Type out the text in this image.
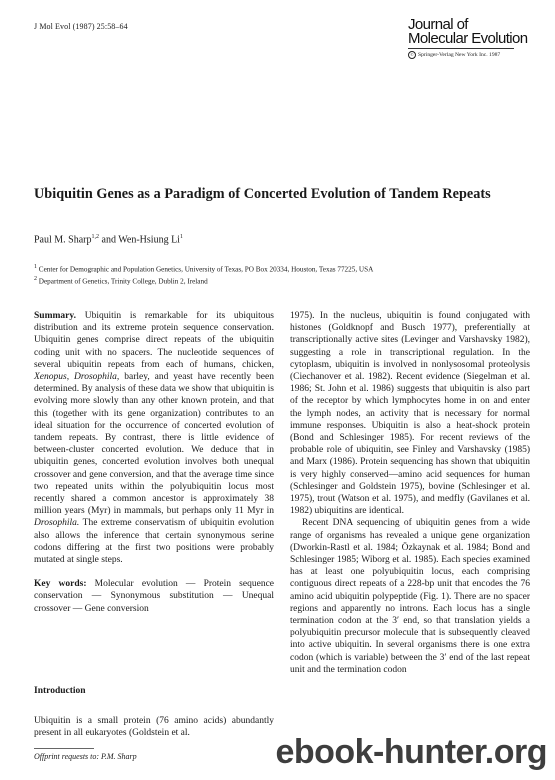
J Mol Evol (1987) 25:58–64	Journal of
Molecular Evolution
© Springer-Verlag New York Inc. 1987
Ubiquitin Genes as a Paradigm of Concerted Evolution of Tandem Repeats
Paul M. Sharp$^{1,2}$ and Wen-Hsiung Li$^1$
$^1$ Center for Demographic and Population Genetics, University of Texas, PO Box 20334, Houston, Texas 77225, USA
$^2$ Department of Genetics, Trinity College, Dublin 2, Ireland

Summary. Ubiquitin is remarkable for its ubiquitous distribution and its extreme protein sequence conservation. Ubiquitin genes comprise direct repeats of the ubiquitin coding unit with no spacers. The nucleotide sequences of several ubiquitin repeats from each of humans, chicken, Xenopus, Drosophila, barley, and yeast have recently been determined. By analysis of these data we show that ubiquitin is evolving more slowly than any other known protein, and that this (together with its gene organization) contributes to an ideal situation for the occurrence of concerted evolution of tandem repeats. By contrast, there is little evidence of between-cluster concerted evolution. We deduce that in ubiquitin genes, concerted evolution involves both unequal crossover and gene conversion, and that the average time since two repeated units within the polyubiquitin locus most recently shared a common ancestor is approximately 38 million years (Myr) in mammals, but perhaps only 11 Myr in Drosophila. The extreme conservatism of ubiquitin evolution also allows the inference that certain synonymous serine codons differing at the first two positions were probably mutated at single steps.

Key words: Molecular evolution — Protein sequence conservation — Synonymous substitution — Unequal crossover — Gene conversion

Introduction
Ubiquitin is a small protein (76 amino acids) abundantly present in all eukaryotes (Goldstein et al.

1975). In the nucleus, ubiquitin is found conjugated with histones (Goldknopf and Busch 1977), preferentially at transcriptionally active sites (Levinger and Varshavsky 1982), suggesting a role in transcriptional regulation. In the cytoplasm, ubiquitin is involved in nonlysosomal proteolysis (Ciechanover et al. 1982). Recent evidence (Siegelman et al. 1986; St. John et al. 1986) suggests that ubiquitin is also part of the receptor by which lymphocytes home in on and enter the lymph nodes, an activity that is necessary for normal immune responses. Ubiquitin is also a heat-shock protein (Bond and Schlesinger 1985). For recent reviews of the probable role of ubiquitin, see Finley and Varshavsky (1985) and Marx (1986). Protein sequencing has shown that ubiquitin is very highly conserved—amino acid sequences for human (Schlesinger and Goldstein 1975), bovine (Schlesinger et al. 1975), trout (Watson et al. 1975), and medfly (Gavilanes et al. 1982) ubiquitins are identical.

Recent DNA sequencing of ubiquitin genes from a wide range of organisms has revealed a unique gene organization (Dworkin-Rastl et al. 1984; Özkaynak et al. 1984; Bond and Schlesinger 1985; Wiborg et al. 1985). Each species examined has at least one polyubiquitin locus, each comprising contiguous direct repeats of a 228-bp unit that encodes the 76 amino acid ubiquitin polypeptide (Fig. 1). There are no spacer regions and apparently no introns. Each locus has a single termination codon at the 3′ end, so that translation yields a polyubiquitin precursor molecule that is subsequently cleaved into active ubiquitin. In several organisms there is one extra codon (which is variable) between the 3′ end of the last repeat unit and the termination codon

Offprint requests to: P.M. Sharp	ebook-hunter.org
